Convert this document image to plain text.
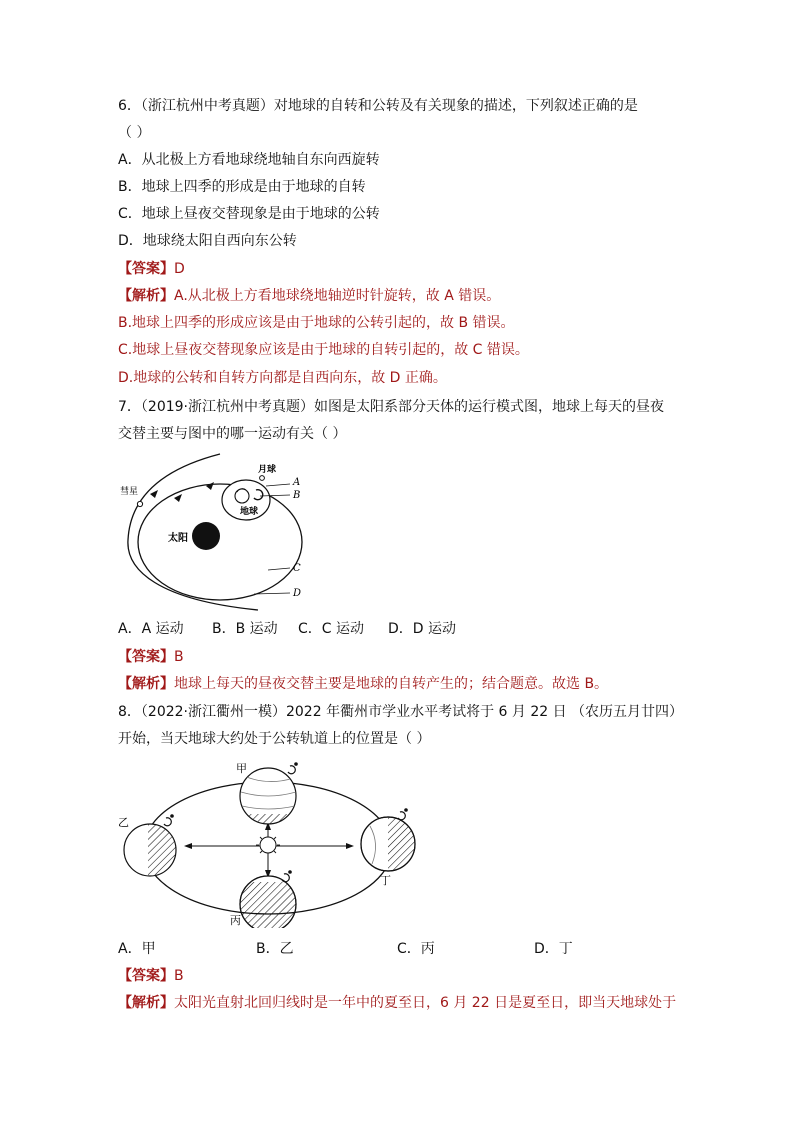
6．（浙江杭州中考真题）对地球的自转和公转及有关现象的描述，下列叙述正确的是
（ ）
A．从北极上方看地球绕地轴自东向西旋转
B．地球上四季的形成是由于地球的自转
C．地球上昼夜交替现象是由于地球的公转
D．地球绕太阳自西向东公转
【答案】D
【解析】A.从北极上方看地球绕地轴逆时针旋转，故 A 错误。
B.地球上四季的形成应该是由于地球的公转引起的，故 B 错误。
C.地球上昼夜交替现象应该是由于地球的自转引起的，故 C 错误。
D.地球的公转和自转方向都是自西向东，故 D 正确。
7．（2019·浙江杭州中考真题）如图是太阳系部分天体的运行模式图，地球上每天的昼夜
交替主要与图中的哪一运动有关（ ）
彗星
太阳
月球
地球
A
B
C
D
A．A 运动 B．B 运动 C．C 运动 D．D 运动
【答案】B
【解析】地球上每天的昼夜交替主要是地球的自转产生的；结合题意。故选 B。
8．（2022·浙江衢州一模）2022 年衢州市学业水平考试将于 6 月 22 日 （农历五月廿四）
开始，当天地球大约处于公转轨道上的位置是（ ）
甲
乙
丙
丁
A．甲	B．乙	C．丙	D．丁
【答案】B
【解析】太阳光直射北回归线时是一年中的夏至日，6 月 22 日是夏至日，即当天地球处于
